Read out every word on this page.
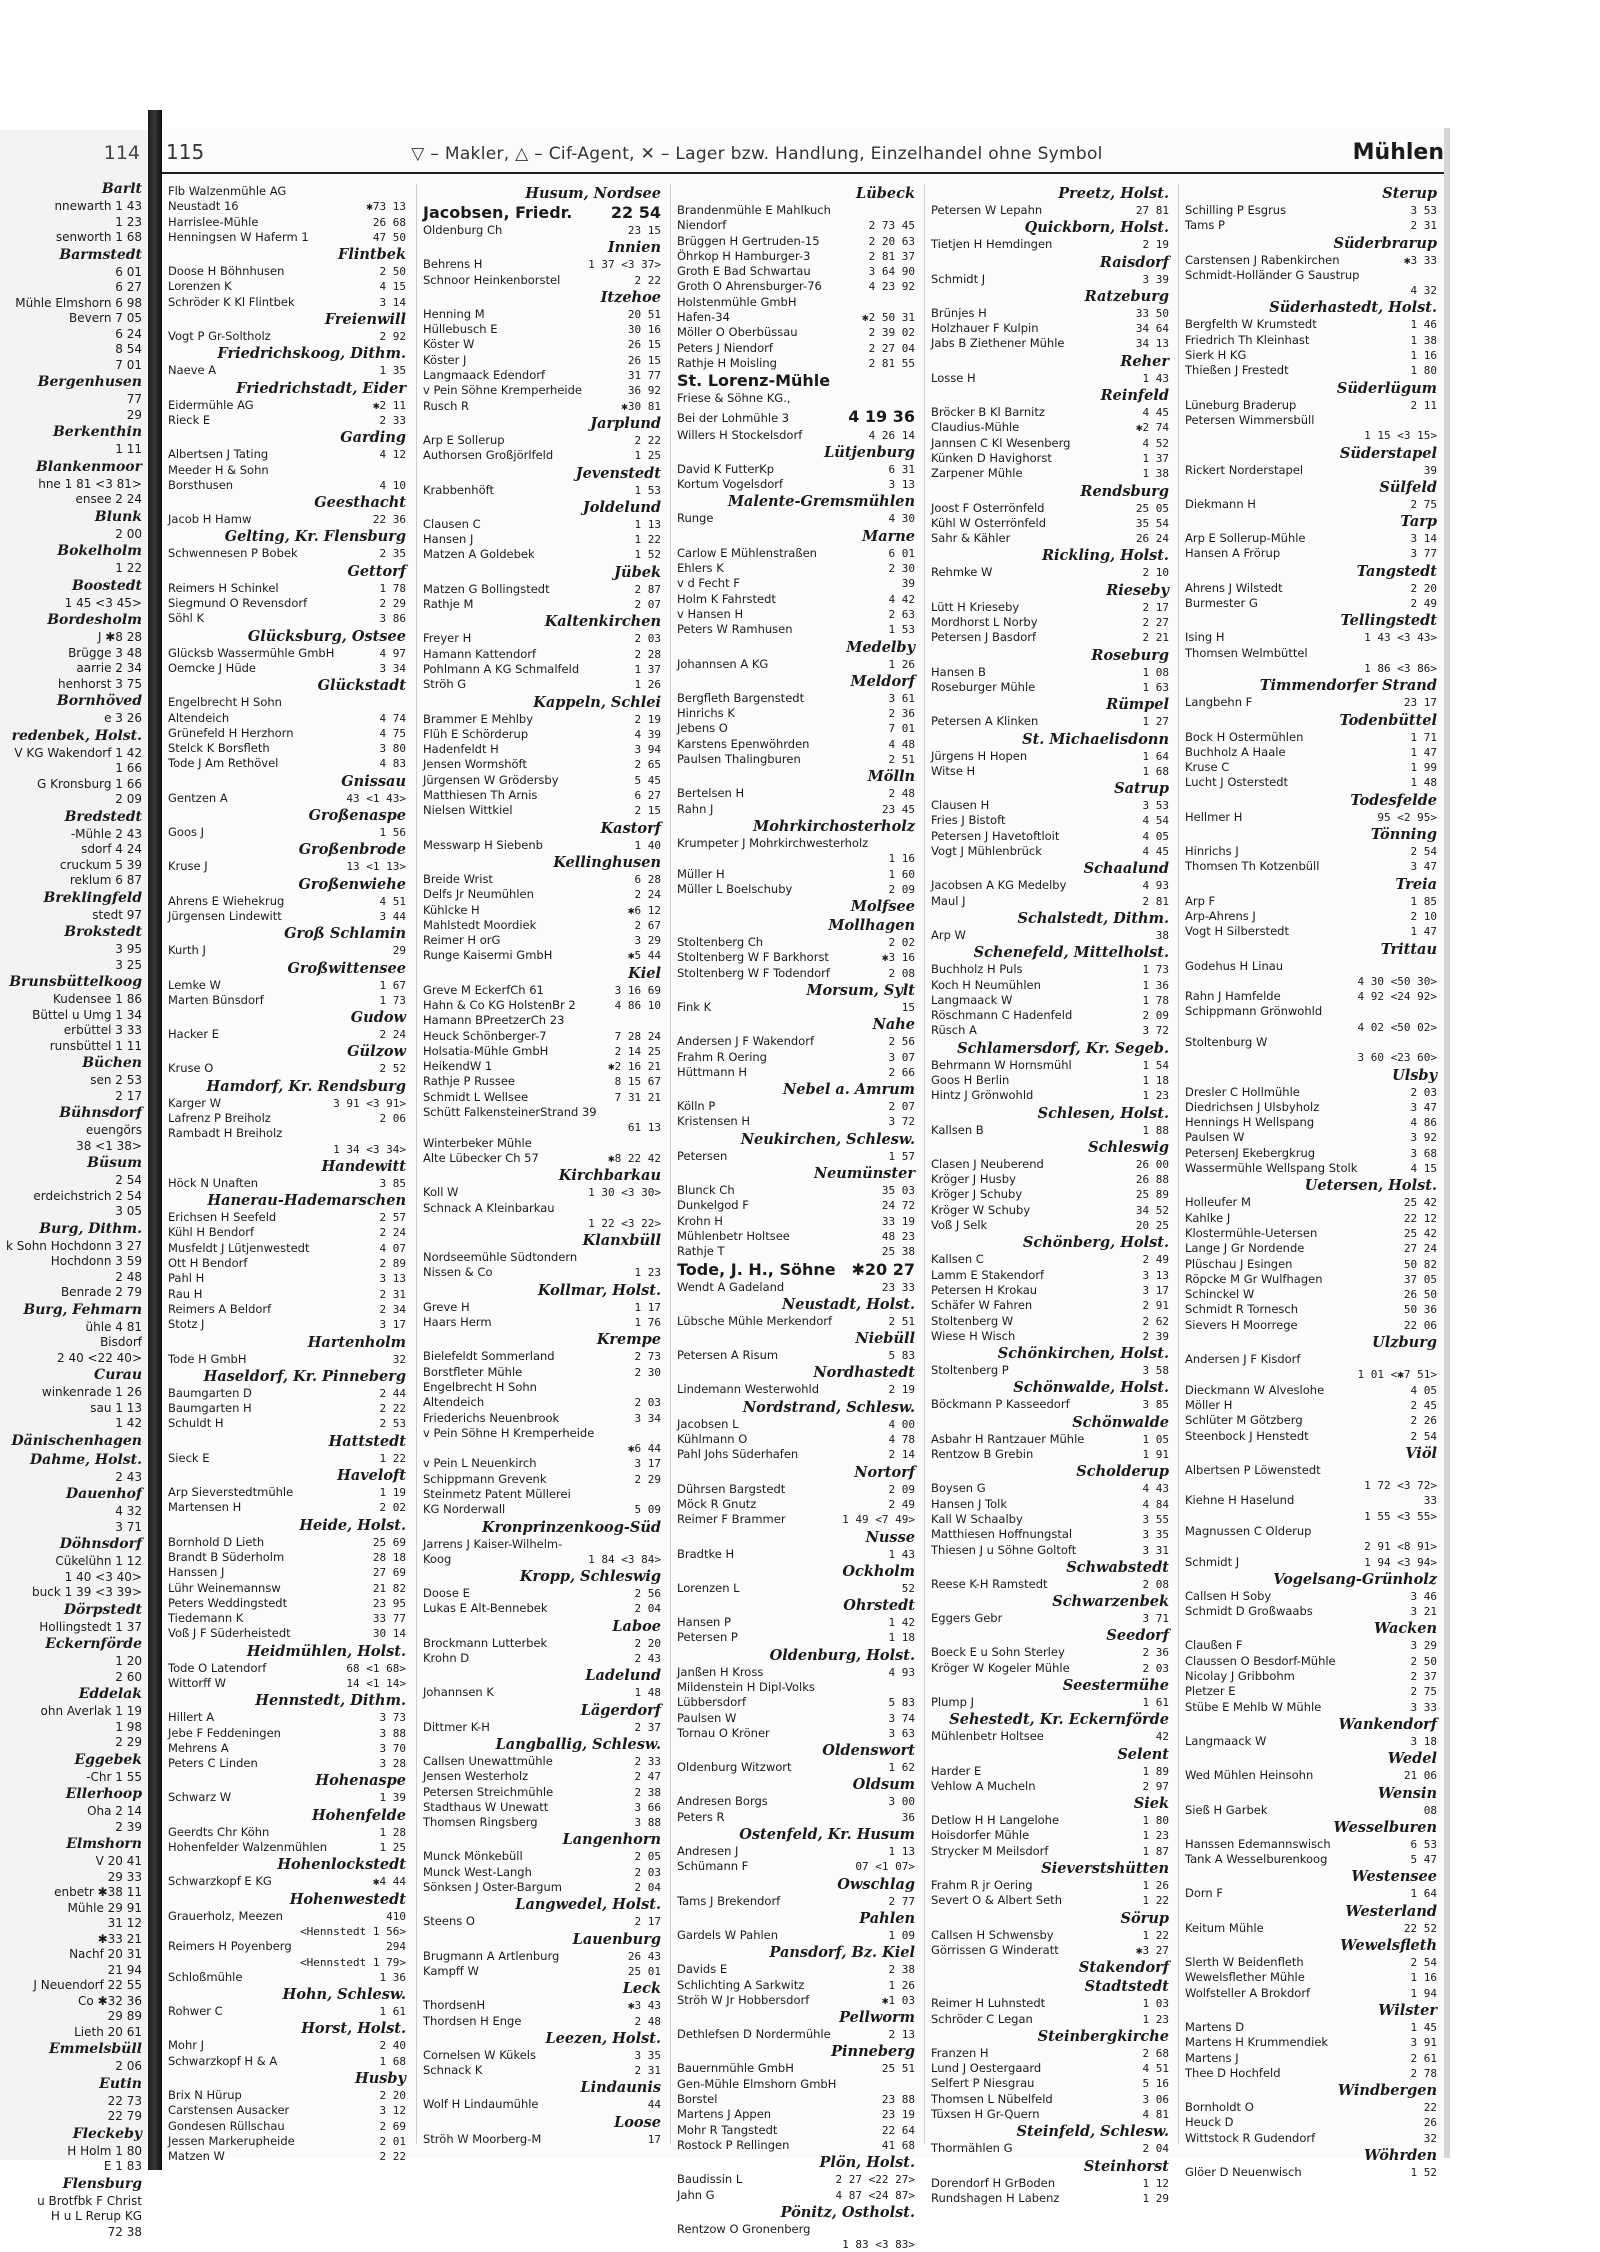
114
Barlt
nnewarth 1 43
1 23
senworth 1 68
Barmstedt
6 01
6 27
Mühle Elmshorn 6 98
Bevern 7 05
6 24
8 54
7 01
Bergenhusen
77
29
Berkenthin
1 11
Blankenmoor
hne 1 81 <3 81>
ensee 2 24
Blunk
2 00
Bokelholm
1 22
Boostedt
1 45 <3 45>
Bordesholm
J ✱8 28
Brügge 3 48
aarrie 2 34
henhorst 3 75
Bornhöved
e 3 26
redenbek, Holst.
V KG Wakendorf 1 42
1 66
G Kronsburg 1 66
2 09
Bredstedt
-Mühle 2 43
sdorf 4 24
cruckum 5 39
reklum 6 87
Breklingfeld
stedt 97
Brokstedt
3 95
3 25
Brunsbüttelkoog
Kudensee 1 86
Büttel u Umg 1 34
erbüttel 3 33
runsbüttel 1 11
Büchen
sen 2 53
2 17
Bühnsdorf
euengörs
38 <1 38>
Büsum
2 54
erdeichstrich 2 54
3 05
Burg, Dithm.
k Sohn Hochdonn 3 27
Hochdonn 3 59
2 48
Benrade 2 79
Burg, Fehmarn
ühle 4 81
Bisdorf
2 40 <22 40>
Curau
winkenrade 1 26
sau 1 13
1 42
Dänischenhagen
Dahme, Holst.
2 43
Dauenhof
4 32
3 71
Döhnsdorf
Cükelühn 1 12
1 40 <3 40>
buck 1 39 <3 39>
Dörpstedt
Hollingstedt 1 37
Eckernförde
1 20
2 60
Eddelak
ohn Averlak 1 19
1 98
2 29
Eggebek
-Chr 1 55
Ellerhoop
Oha 2 14
2 39
Elmshorn
V 20 41
29 33
enbetr ✱38 11
Mühle 29 91
31 12
✱33 21
Nachf 20 31
21 94
J Neuendorf 22 55
Co ✱32 36
29 89
Lieth 20 61
Emmelsbüll
2 06
Eutin
22 73
22 79
Fleckeby
H Holm 1 80
E 1 83
Flensburg
u Brotfbk F Christ
H u L Rerup KG
72 38
115	▽ – Makler, △ – Cif-Agent, ✕ – Lager bzw. Handlung, Einzelhandel ohne Symbol	Mühlen
Flb Walzenmühle AG
Neustadt 16	✱73 13
Harrislee-Mühle	26 68
Henningsen W Haferm 1	47 50
Flintbek
Doose H Böhnhusen	2 50
Lorenzen K	4 15
Schröder K Kl Flintbek	3 14
Freienwill
Vogt P Gr-Soltholz	2 92
Friedrichskoog, Dithm.
Naeve A	1 35
Friedrichstadt, Eider
Eidermühle AG	✱2 11
Rieck E	2 33
Garding
Albertsen J Tating	4 12
Meeder H & Sohn
Borsthusen	4 10
Geesthacht
Jacob H Hamw	22 36
Gelting, Kr. Flensburg
Schwennesen P Bobek	2 35
Gettorf
Reimers H Schinkel	1 78
Siegmund O Revensdorf	2 29
Söhl K	3 86
Glücksburg, Ostsee
Glücksb Wassermühle GmbH	4 97
Oemcke J Hüde	3 34
Glückstadt
Engelbrecht H Sohn
Altendeich	4 74
Grünefeld H Herzhorn	4 75
Stelck K Borsfleth	3 80
Tode J Am Rethövel	4 83
Gnissau
Gentzen A	43 <1 43>
Großenaspe
Goos J	1 56
Großenbrode
Kruse J	13 <1 13>
Großenwiehe
Ahrens E Wiehekrug	4 51
Jürgensen Lindewitt	3 44
Groß Schlamin
Kurth J	29
Großwittensee
Lemke W	1 67
Marten Bünsdorf	1 73
Gudow
Hacker E	2 24
Gülzow
Kruse O	2 52
Hamdorf, Kr. Rendsburg
Karger W	3 91 <3 91>
Lafrenz P Breiholz	2 06
Rambadt H Breiholz
1 34 <3 34>
Handewitt
Höck N Unaften	3 85
Hanerau-Hademarschen
Erichsen H Seefeld	2 57
Kühl H Bendorf	2 24
Musfeldt J Lütjenwestedt	4 07
Ott H Bendorf	2 89
Pahl H	3 13
Rau H	2 31
Reimers A Beldorf	2 34
Stotz J	3 17
Hartenholm
Tode H GmbH	32
Haseldorf, Kr. Pinneberg
Baumgarten D	2 44
Baumgarten H	2 22
Schuldt H	2 53
Hattstedt
Sieck E	1 22
Haveloft
Arp Sieverstedtmühle	1 19
Martensen H	2 02
Heide, Holst.
Bornhold D Lieth	25 69
Brandt B Süderholm	28 18
Hanssen J	27 69
Lühr Weinemannsw	21 82
Peters Weddingstedt	23 95
Tiedemann K	33 77
Voß J F Süderheistedt	30 14
Heidmühlen, Holst.
Tode O Latendorf	68 <1 68>
Wittorff W	14 <1 14>
Hennstedt, Dithm.
Hillert A	3 73
Jebe F Feddeningen	3 88
Mehrens A	3 70
Peters C Linden	3 28
Hohenaspe
Schwarz W	1 39
Hohenfelde
Geerdts Chr Köhn	1 28
Hohenfelder Walzenmühlen	1 25
Hohenlockstedt
Schwarzkopf E KG	✱4 44
Hohenwestedt
Grauerholz, Meezen	410
<Hennstedt 1 56>
Reimers H Poyenberg	294
<Hennstedt 1 79>
Schloßmühle	1 36
Hohn, Schlesw.
Rohwer C	1 61
Horst, Holst.
Mohr J	2 40
Schwarzkopf H & A	1 68
Husby
Brix N Hürup	2 20
Carstensen Ausacker	3 12
Gondesen Rüllschau	2 69
Jessen Markerupheide	2 01
Matzen W	2 22
Husum, Nordsee
Jacobsen, Friedr. 22 54
Oldenburg Ch	23 15
Innien
Behrens H	1 37 <3 37>
Schnoor Heinkenborstel	2 22
Itzehoe
Henning M	20 51
Hüllebusch E	30 16
Köster W	26 15
Köster J	26 15
Langmaack Edendorf	31 77
v Pein Söhne Kremperheide	36 92
Rusch R	✱30 81
Jarplund
Arp E Sollerup	2 22
Authorsen Großjörlfeld	1 25
Jevenstedt
Krabbenhöft	1 53
Joldelund
Clausen C	1 13
Hansen J	1 22
Matzen A Goldebek	1 52
Jübek
Matzen G Bollingstedt	2 87
Rathje M	2 07
Kaltenkirchen
Freyer H	2 03
Hamann Kattendorf	2 28
Pohlmann A KG Schmalfeld	1 37
Ströh G	1 26
Kappeln, Schlei
Brammer E Mehlby	2 19
Flüh E Schörderup	4 39
Hadenfeldt H	3 94
Jensen Wormshöft	2 65
Jürgensen W Grödersby	5 45
Matthiesen Th Arnis	6 27
Nielsen Wittkiel	2 15
Kastorf
Messwarp H Siebenb	1 40
Kellinghusen
Breide Wrist	6 28
Delfs Jr Neumühlen	2 24
Kühlcke H	✱6 12
Mahlstedt Moordiek	2 67
Reimer H orG	3 29
Runge Kaisermi GmbH	✱5 44
Kiel
Greve M EckerfCh 61	3 16 69
Hahn & Co KG HolstenBr 2	4 86 10
Hamann BPreetzerCh 23
Heuck Schönberger-7	7 28 24
Holsatia-Mühle GmbH	2 14 25
HeikendW 1	✱2 16 21
Rathje P Russee	8 15 67
Schmidt L Wellsee	7 31 21
Schütt FalkensteinerStrand 39
61 13
Winterbeker Mühle
Alte Lübecker Ch 57	✱8 22 42
Kirchbarkau
Koll W	1 30 <3 30>
Schnack A Kleinbarkau
1 22 <3 22>
Klanxbüll
Nordseemühle Südtondern
Nissen & Co	1 23
Kollmar, Holst.
Greve H	1 17
Haars Herm	1 76
Krempe
Bielefeldt Sommerland	2 73
Borstfleter Mühle	2 30
Engelbrecht H Sohn
Altendeich	2 03
Friederichs Neuenbrook	3 34
v Pein Söhne H Kremperheide
✱6 44
v Pein L Neuenkirch	3 17
Schippmann Grevenk	2 29
Steinmetz Patent Müllerei
KG Norderwall	5 09
Kronprinzenkoog-Süd
Jarrens J Kaiser-Wilhelm-
Koog	1 84 <3 84>
Kropp, Schleswig
Doose E	2 56
Lukas E Alt-Bennebek	2 04
Laboe
Brockmann Lutterbek	2 20
Krohn D	2 43
Ladelund
Johannsen K	1 48
Lägerdorf
Dittmer K-H	2 37
Langballig, Schlesw.
Callsen Unewattmühle	2 33
Jensen Westerholz	2 47
Petersen Streichmühle	2 38
Stadthaus W Unewatt	3 66
Thomsen Ringsberg	3 88
Langenhorn
Munck Mönkebüll	2 05
Munck West-Langh	2 03
Sönksen J Oster-Bargum	2 04
Langwedel, Holst.
Steens O	2 17
Lauenburg
Brugmann A Artlenburg	26 43
Kampff W	25 01
Leck
ThordsenH	✱3 43
Thordsen H Enge	2 48
Leezen, Holst.
Cornelsen W Kükels	3 35
Schnack K	2 31
Lindaunis
Wolf H Lindaumühle	44
Loose
Ströh W Moorberg-M	17
Lübeck
Brandenmühle E Mahlkuch
Niendorf	2 73 45
Brüggen H Gertruden-15	2 20 63
Öhrkop H Hamburger-3	2 81 37
Groth E Bad Schwartau	3 64 90
Groth O Ahrensburger-76	4 23 92
Holstenmühle GmbH
Hafen-34	✱2 50 31
Möller O Oberbüssau	2 39 02
Peters J Niendorf	2 27 04
Rathje H Moisling	2 81 55
St. Lorenz-Mühle
Friese & Söhne KG.,
Bei der Lohmühle 3	4 19 36
Willers H Stockelsdorf	4 26 14
Lütjenburg
David K FutterKp	6 31
Kortum Vogelsdorf	3 13
Malente-Gremsmühlen
Runge	4 30
Marne
Carlow E Mühlenstraßen	6 01
Ehlers K	2 30
v d Fecht F	39
Holm K Fahrstedt	4 42
v Hansen H	2 63
Peters W Ramhusen	1 53
Medelby
Johannsen A KG	1 26
Meldorf
Bergfleth Bargenstedt	3 61
Hinrichs K	2 36
Jebens O	7 01
Karstens Epenwöhrden	4 48
Paulsen Thalingburen	2 51
Mölln
Bertelsen H	2 48
Rahn J	23 45
Mohrkirchosterholz
Krumpeter J Mohrkirchwesterholz
1 16
Müller H	1 60
Müller L Boelschuby	2 09
Molfsee
Mollhagen
Stoltenberg Ch	2 02
Stoltenberg W F Barkhorst	✱3 16
Stoltenberg W F Todendorf	2 08
Morsum, Sylt
Fink K	15
Nahe
Andersen J F Wakendorf	2 56
Frahm R Oering	3 07
Hüttmann H	2 66
Nebel a. Amrum
Kölln P	2 07
Kristensen H	3 72
Neukirchen, Schlesw.
Petersen	1 57
Neumünster
Blunck Ch	35 03
Dunkelgod F	24 72
Krohn H	33 19
Mühlenbetr Holtsee	48 23
Rathje T	25 38
Tode, J. H., Söhne ✱20 27
Wendt A Gadeland	23 33
Neustadt, Holst.
Lübsche Mühle Merkendorf	2 51
Niebüll
Petersen A Risum	5 83
Nordhastedt
Lindemann Westerwohld	2 19
Nordstrand, Schlesw.
Jacobsen L	4 00
Kühlmann O	4 78
Pahl Johs Süderhafen	2 14
Nortorf
Dührsen Bargstedt	2 09
Möck R Gnutz	2 49
Reimer F Brammer	1 49 <7 49>
Nusse
Bradtke H	1 43
Ockholm
Lorenzen L	52
Ohrstedt
Hansen P	1 42
Petersen P	1 18
Oldenburg, Holst.
Janßen H Kross	4 93
Mildenstein H Dipl-Volks
Lübbersdorf	5 83
Paulsen W	3 74
Tornau O Kröner	3 63
Oldenswort
Oldenburg Witzwort	1 62
Oldsum
Andresen Borgs	3 00
Peters R	36
Ostenfeld, Kr. Husum
Andresen J	1 13
Schümann F	07 <1 07>
Owschlag
Tams J Brekendorf	2 77
Pahlen
Gardels W Pahlen	1 09
Pansdorf, Bz. Kiel
Davids E	2 38
Schlichting A Sarkwitz	1 26
Ströh W Jr Hobbersdorf	✱1 03
Pellworm
Dethlefsen D Nordermühle	2 13
Pinneberg
Bauernmühle GmbH	25 51
Gen-Mühle Elmshorn GmbH
Borstel	23 88
Martens J Appen	23 19
Mohr R Tangstedt	22 64
Rostock P Rellingen	41 68
Plön, Holst.
Baudissin L	2 27 <22 27>
Jahn G	4 87 <24 87>
Pönitz, Ostholst.
Rentzow O Gronenberg
1 83 <3 83>
Preetz, Holst.
Petersen W Lepahn	27 81
Quickborn, Holst.
Tietjen H Hemdingen	2 19
Raisdorf
Schmidt J	3 39
Ratzeburg
Brünjes H	33 50
Holzhauer F Kulpin	34 64
Jabs B Ziethener Mühle	34 13
Reher
Losse H	1 43
Reinfeld
Bröcker B Kl Barnitz	4 45
Claudius-Mühle	✱2 74
Jannsen C Kl Wesenberg	4 52
Künken D Havighorst	1 37
Zarpener Mühle	1 38
Rendsburg
Joost F Osterrönfeld	25 05
Kühl W Osterrönfeld	35 54
Sahr & Kähler	26 24
Rickling, Holst.
Rehmke W	2 10
Rieseby
Lütt H Krieseby	2 17
Mordhorst L Norby	2 27
Petersen J Basdorf	2 21
Roseburg
Hansen B	1 08
Roseburger Mühle	1 63
Rümpel
Petersen A Klinken	1 27
St. Michaelisdonn
Jürgens H Hopen	1 64
Witse H	1 68
Satrup
Clausen H	3 53
Fries J Bistoft	4 54
Petersen J Havetoftloit	4 05
Vogt J Mühlenbrück	4 45
Schaalund
Jacobsen A KG Medelby	4 93
Maul J	2 81
Schalstedt, Dithm.
Arp W	38
Schenefeld, Mittelholst.
Buchholz H Puls	1 73
Koch H Neumühlen	1 36
Langmaack W	1 78
Röschmann C Hadenfeld	2 09
Rüsch A	3 72
Schlamersdorf, Kr. Segeb.
Behrmann W Hornsmühl	1 54
Goos H Berlin	1 18
Hintz J Grönwohld	1 23
Schlesen, Holst.
Kallsen B	1 88
Schleswig
Clasen J Neuberend	26 00
Kröger J Husby	26 88
Kröger J Schuby	25 89
Kröger W Schuby	34 52
Voß J Selk	20 25
Schönberg, Holst.
Kallsen C	2 49
Lamm E Stakendorf	3 13
Petersen H Krokau	3 17
Schäfer W Fahren	2 91
Stoltenberg W	2 62
Wiese H Wisch	2 39
Schönkirchen, Holst.
Stoltenberg P	3 58
Schönwalde, Holst.
Böckmann P Kasseedorf	3 85
Schönwalde
Asbahr H Rantzauer Mühle	1 05
Rentzow B Grebin	1 91
Scholderup
Boysen G	4 43
Hansen J Tolk	4 84
Kall W Schaalby	3 55
Matthiesen Hoffnungstal	3 35
Thiesen J u Söhne Goltoft	3 31
Schwabstedt
Reese K-H Ramstedt	2 08
Schwarzenbek
Eggers Gebr	3 71
Seedorf
Boeck E u Sohn Sterley	2 36
Kröger W Kogeler Mühle	2 03
Seestermühe
Plump J	1 61
Sehestedt, Kr. Eckernförde
Mühlenbetr Holtsee	42
Selent
Harder E	1 89
Vehlow A Mucheln	2 97
Siek
Detlow H H Langelohe	1 80
Hoisdorfer Mühle	1 23
Strycker M Meilsdorf	1 87
Sieverstshütten
Frahm R jr Oering	1 26
Severt O & Albert Seth	1 22
Sörup
Callsen H Schwensby	1 22
Görrissen G Winderatt	✱3 27
Stakendorf
Stadtstedt
Reimer H Luhnstedt	1 03
Schröder C Legan	1 23
Steinbergkirche
Franzen H	2 68
Lund J Oestergaard	4 51
Selfert P Niesgrau	5 16
Thomsen L Nübelfeld	3 06
Tüxsen H Gr-Quern	4 81
Steinfeld, Schlesw.
Thormählen G	2 04
Steinhorst
Dorendorf H GrBoden	1 12
Rundshagen H Labenz	1 29
Sterup
Schilling P Esgrus	3 53
Tams P	2 31
Süderbrarup
Carstensen J Rabenkirchen	✱3 33
Schmidt-Holländer G Saustrup
4 32
Süderhastedt, Holst.
Bergfelth W Krumstedt	1 46
Friedrich Th Kleinhast	1 38
Sierk H KG	1 16
Thießen J Frestedt	1 80
Süderlügum
Lüneburg Braderup	2 11
Petersen Wimmersbüll
1 15 <3 15>
Süderstapel
Rickert Norderstapel	39
Sülfeld
Diekmann H	2 75
Tarp
Arp E Sollerup-Mühle	3 14
Hansen A Frörup	3 77
Tangstedt
Ahrens J Wilstedt	2 20
Burmester G	2 49
Tellingstedt
Ising H	1 43 <3 43>
Thomsen Welmbüttel
1 86 <3 86>
Timmendorfer Strand
Langbehn F	23 17
Todenbüttel
Bock H Ostermühlen	1 71
Buchholz A Haale	1 47
Kruse C	1 99
Lucht J Osterstedt	1 48
Todesfelde
Hellmer H	95 <2 95>
Tönning
Hinrichs J	2 54
Thomsen Th Kotzenbüll	3 47
Treia
Arp F	1 85
Arp-Ahrens J	2 10
Vogt H Silberstedt	1 47
Trittau
Godehus H Linau
4 30 <50 30>
Rahn J Hamfelde	4 92 <24 92>
Schippmann Grönwohld
4 02 <50 02>
Stoltenburg W
3 60 <23 60>
Ulsby
Dresler C Hollmühle	2 03
Diedrichsen J Ulsbyholz	3 47
Hennings H Wellspang	4 86
Paulsen W	3 92
PetersenJ Ekebergkrug	3 68
Wassermühle Wellspang Stolk	4 15
Uetersen, Holst.
Holleufer M	25 42
Kahlke J	22 12
Klostermühle-Uetersen	25 42
Lange J Gr Nordende	27 24
Plüschau J Esingen	50 82
Röpcke M Gr Wulfhagen	37 05
Schinckel W	26 50
Schmidt R Tornesch	50 36
Sievers H Moorrege	22 06
Ulzburg
Andersen J F Kisdorf
1 01 <✱7 51>
Dieckmann W Alveslohe	4 05
Möller H	2 45
Schlüter M Götzberg	2 26
Steenbock J Henstedt	2 54
Viöl
Albertsen P Löwenstedt
1 72 <3 72>
Kiehne H Haselund	33
1 55 <3 55>
Magnussen C Olderup
2 91 <8 91>
Schmidt J	1 94 <3 94>
Vogelsang-Grünholz
Callsen H Soby	3 46
Schmidt D Großwaabs	3 21
Wacken
Claußen F	3 29
Claussen O Besdorf-Mühle	2 50
Nicolay J Gribbohm	2 37
Pletzer E	2 75
Stübe E Mehlb W Mühle	3 33
Wankendorf
Langmaack W	3 18
Wedel
Wed Mühlen Heinsohn	21 06
Wensin
Sieß H Garbek	08
Wesselburen
Hanssen Edemannswisch	6 53
Tank A Wesselburenkoog	5 47
Westensee
Dorn F	1 64
Westerland
Keitum Mühle	22 52
Wewelsfleth
Slerth W Beidenfleth	2 54
Wewelsflether Mühle	1 16
Wolfsteller A Brokdorf	1 94
Wilster
Martens D	1 45
Martens H Krummendiek	3 91
Martens J	2 61
Thee D Hochfeld	2 78
Windbergen
Bornholdt O	22
Heuck D	26
Wittstock R Gudendorf	32
Wöhrden
Glöer D Neuenwisch	1 52
